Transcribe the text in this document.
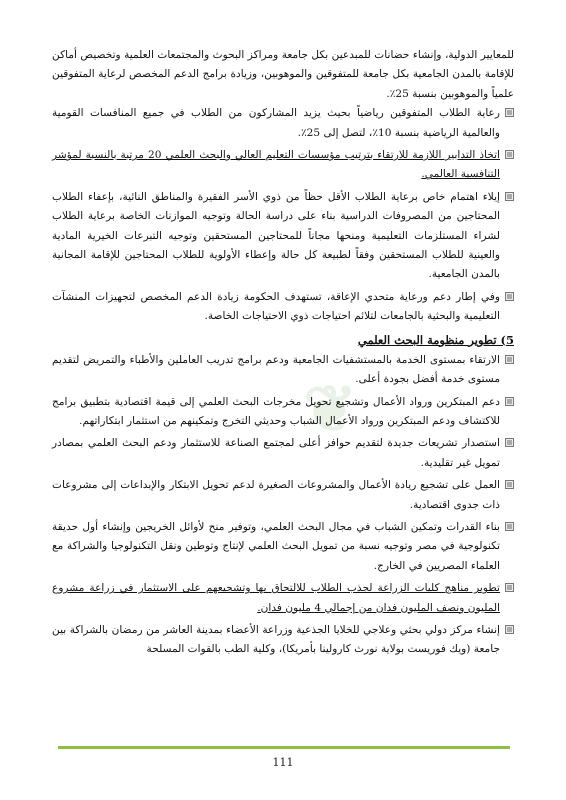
❦

للمعايير الدولية، وإنشاء حضانات للمبدعين بكل جامعة ومراكز البحوث والمجتمعات العلمية وتخصيص أماكن للإقامة بالمدن الجامعية بكل جامعة للمتفوقين والموهوبين، وزيادة برامج الدعم المخصص لرعاية المتفوقين علمياً والموهوبين بنسبة 25٪.

رعاية الطلاب المتفوقين رياضياً بحيث يزيد المشاركون من الطلاب في جميع المنافسات القومية والعالمية الرياضية بنسبة 10٪، لتصل إلى 25٪.
اتخاذ التدابير اللازمة للارتقاء بترتيب مؤسسات التعليم العالي والبحث العلمي 20 مرتبة بالنسبة لمؤشر التنافسية العالمي.
إيلاء اهتمام خاص برعاية الطلاب الأقل حظاً من ذوي الأسر الفقيرة والمناطق النائية، بإعفاء الطلاب المحتاجين من المصروفات الدراسية بناء على دراسة الحالة وتوجيه الموازنات الخاصة برعاية الطلاب لشراء المستلزمات التعليمية ومنحها مجاناً للمحتاجين المستحقين وتوجيه التبرعات الخيرية المادية والعينية للطلاب المستحقين وفقاً لطبيعة كل حالة وإعطاء الأولوية للطلاب المحتاجين للإقامة المجانية بالمدن الجامعية.
وفي إطار دعم ورعاية متحدي الإعاقة، تستهدف الحكومة زيادة الدعم المخصص لتجهيزات المنشآت التعليمية والبحثية بالجامعات لتلائم احتياجات ذوي الاحتياجات الخاصة.
5) تطوير منظومة البحث العلمي
الارتقاء بمستوى الخدمة بالمستشفيات الجامعية ودعم برامج تدريب العاملين والأطباء والتمريض لتقديم مستوى خدمة أفضل بجودة أعلى.
دعم المبتكرين ورواد الأعمال وتشجيع تحويل مخرجات البحث العلمي إلى قيمة اقتصادية بتطبيق برامج للاكتشاف ودعم المبتكرين ورواد الأعمال الشباب وحديثي التخرج وتمكينهم من استثمار ابتكاراتهم.
استصدار تشريعات جديدة لتقديم حوافز أعلى لمجتمع الصناعة للاستثمار ودعم البحث العلمي بمصادر تمويل غير تقليدية.
العمل على تشجيع ريادة الأعمال والمشروعات الصغيرة لدعم تحويل الابتكار والإبداعات إلى مشروعات ذات جدوى اقتصادية.
بناء القدرات وتمكين الشباب في مجال البحث العلمي، وتوفير منح لأوائل الخريجين وإنشاء أول حديقة تكنولوجية في مصر وتوجيه نسبة من تمويل البحث العلمي لإنتاج وتوطين ونقل التكنولوجيا والشراكة مع العلماء المصريين في الخارج.
تطوير مناهج كليات الزراعة لجذب الطلاب للالتحاق بها وتشجيعهم على الاستثمار في زراعة مشروع المليون ونصف المليون فدان من إجمالي 4 مليون فدان.
إنشاء مركز دولي بحثي وعلاجي للخلايا الجذعية وزراعة الأعضاء بمدينة العاشر من رمضان بالشراكة بين جامعة (ويك فوريست بولاية نورث كارولينا بأمريكا)، وكلية الطب بالقوات المسلحة
111
